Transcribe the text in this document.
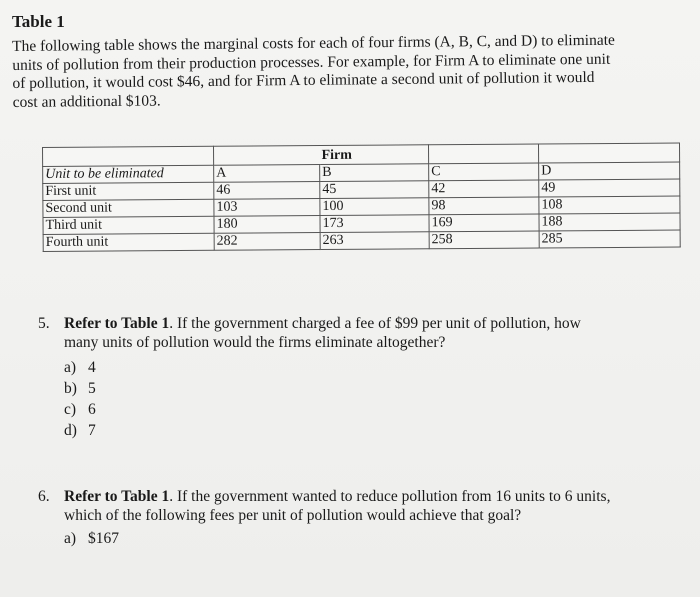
Table 1
The following table shows the marginal costs for each of four firms (A, B, C, and D) to eliminate
units of pollution from their production processes. For example, for Firm A to eliminate one unit
of pollution, it would cost $46, and for Firm A to eliminate a second unit of pollution it would
cost an additional $103.
		Firm		
Unit to be eliminated	A	B	C	D
First unit	46	45	42	49
Second unit	103	100	98	108
Third unit	180	173	169	188
Fourth unit	282	263	258	285
5. Refer to Table 1. If the government charged a fee of $99 per unit of pollution, how
many units of pollution would the firms eliminate altogether?
a) 4
b) 5
c) 6
d) 7
6. Refer to Table 1. If the government wanted to reduce pollution from 16 units to 6 units,
which of the following fees per unit of pollution would achieve that goal?
a) $167
